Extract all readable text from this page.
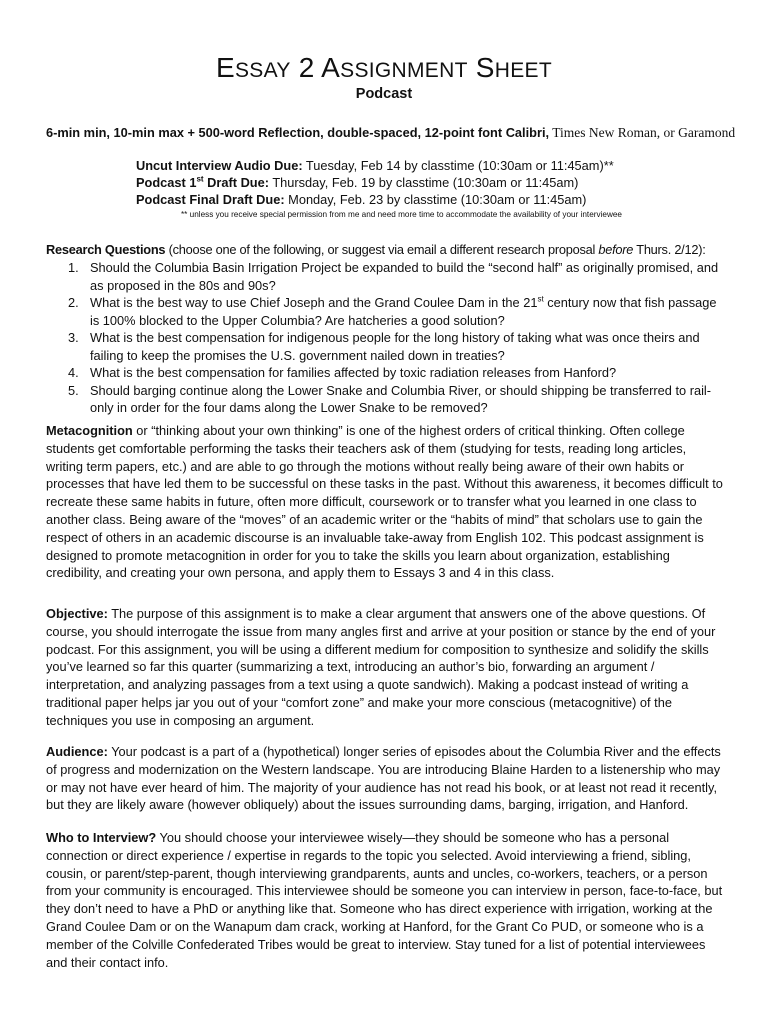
ESSAY 2 ASSIGNMENT SHEET
Podcast
6-min min, 10-min max + 500-word Reflection, double-spaced, 12-point font Calibri, Times New Roman, or Garamond
Uncut Interview Audio Due: Tuesday, Feb 14 by classtime (10:30am or 11:45am)**
Podcast 1st Draft Due: Thursday, Feb. 19 by classtime (10:30am or 11:45am)
Podcast Final Draft Due: Monday, Feb. 23 by classtime (10:30am or 11:45am)
** unless you receive special permission from me and need more time to accommodate the availability of your interviewee
Research Questions (choose one of the following, or suggest via email a different research proposal before Thurs. 2/12):
1. Should the Columbia Basin Irrigation Project be expanded to build the “second half” as originally promised, and as proposed in the 80s and 90s?
2. What is the best way to use Chief Joseph and the Grand Coulee Dam in the 21st century now that fish passage is 100% blocked to the Upper Columbia? Are hatcheries a good solution?
3. What is the best compensation for indigenous people for the long history of taking what was once theirs and failing to keep the promises the U.S. government nailed down in treaties?
4. What is the best compensation for families affected by toxic radiation releases from Hanford?
5. Should barging continue along the Lower Snake and Columbia River, or should shipping be transferred to rail-only in order for the four dams along the Lower Snake to be removed?

Metacognition or “thinking about your own thinking” is one of the highest orders of critical thinking. Often college students get comfortable performing the tasks their teachers ask of them (studying for tests, reading long articles, writing term papers, etc.) and are able to go through the motions without really being aware of their own habits or processes that have led them to be successful on these tasks in the past. Without this awareness, it becomes difficult to recreate these same habits in future, often more difficult, coursework or to transfer what you learned in one class to another class. Being aware of the “moves” of an academic writer or the “habits of mind” that scholars use to gain the respect of others in an academic discourse is an invaluable take-away from English 102. This podcast assignment is designed to promote metacognition in order for you to take the skills you learn about organization, establishing credibility, and creating your own persona, and apply them to Essays 3 and 4 in this class.

Objective: The purpose of this assignment is to make a clear argument that answers one of the above questions. Of course, you should interrogate the issue from many angles first and arrive at your position or stance by the end of your podcast. For this assignment, you will be using a different medium for composition to synthesize and solidify the skills you’ve learned so far this quarter (summarizing a text, introducing an author’s bio, forwarding an argument / interpretation, and analyzing passages from a text using a quote sandwich). Making a podcast instead of writing a traditional paper helps jar you out of your “comfort zone” and make your more conscious (metacognitive) of the techniques you use in composing an argument.

Audience: Your podcast is a part of a (hypothetical) longer series of episodes about the Columbia River and the effects of progress and modernization on the Western landscape. You are introducing Blaine Harden to a listenership who may or may not have ever heard of him. The majority of your audience has not read his book, or at least not read it recently, but they are likely aware (however obliquely) about the issues surrounding dams, barging, irrigation, and Hanford.

Who to Interview? You should choose your interviewee wisely—they should be someone who has a personal connection or direct experience / expertise in regards to the topic you selected. Avoid interviewing a friend, sibling, cousin, or parent/step-parent, though interviewing grandparents, aunts and uncles, co-workers, teachers, or a person from your community is encouraged. This interviewee should be someone you can interview in person, face-to-face, but they don’t need to have a PhD or anything like that. Someone who has direct experience with irrigation, working at the Grand Coulee Dam or on the Wanapum dam crack, working at Hanford, for the Grant Co PUD, or someone who is a member of the Colville Confederated Tribes would be great to interview. Stay tuned for a list of potential interviewees and their contact info.
